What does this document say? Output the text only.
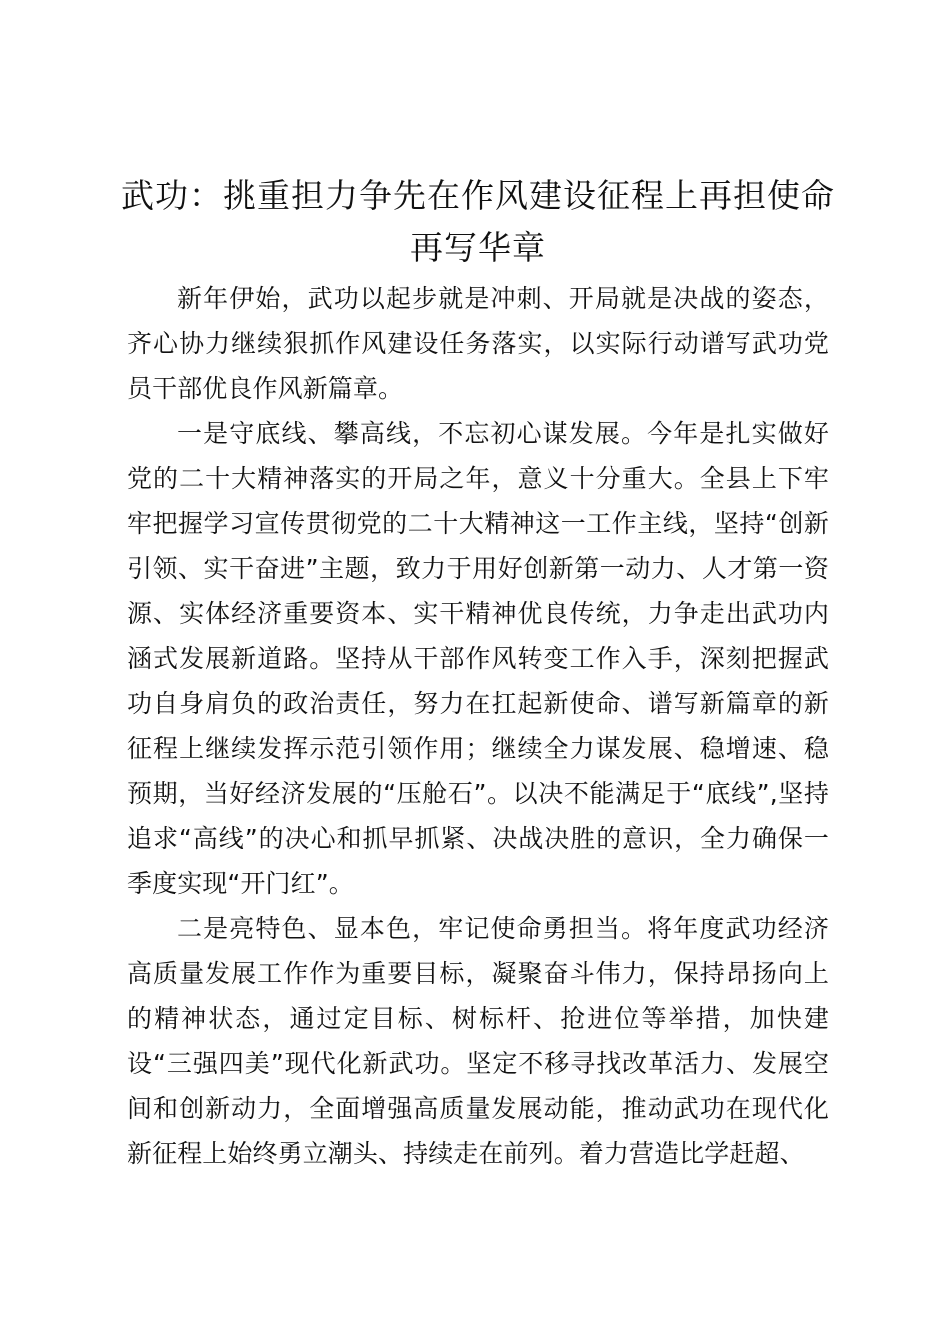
武功：挑重担力争先在作风建设征程上再担使命再写华章

新年伊始，武功以起步就是冲刺、开局就是决战的姿态，齐心协力继续狠抓作风建设任务落实，以实际行动谱写武功党员干部优良作风新篇章。

一是守底线、攀高线，不忘初心谋发展。今年是扎实做好党的二十大精神落实的开局之年，意义十分重大。全县上下牢牢把握学习宣传贯彻党的二十大精神这一工作主线，坚持“创新引领、实干奋进”主题，致力于用好创新第一动力、人才第一资源、实体经济重要资本、实干精神优良传统，力争走出武功内涵式发展新道路。坚持从干部作风转变工作入手，深刻把握武功自身肩负的政治责任，努力在扛起新使命、谱写新篇章的新征程上继续发挥示范引领作用；继续全力谋发展、稳增速、稳预期，当好经济发展的“压舱石”。以决不能满足于“底线”,坚持追求“高线”的决心和抓早抓紧、决战决胜的意识，全力确保一季度实现“开门红”。

二是亮特色、显本色，牢记使命勇担当。将年度武功经济高质量发展工作作为重要目标，凝聚奋斗伟力，保持昂扬向上的精神状态，通过定目标、树标杆、抢进位等举措，加快建设“三强四美”现代化新武功。坚定不移寻找改革活力、发展空间和创新动力，全面增强高质量发展动能，推动武功在现代化新征程上始终勇立潮头、持续走在前列。着力营造比学赶超、
